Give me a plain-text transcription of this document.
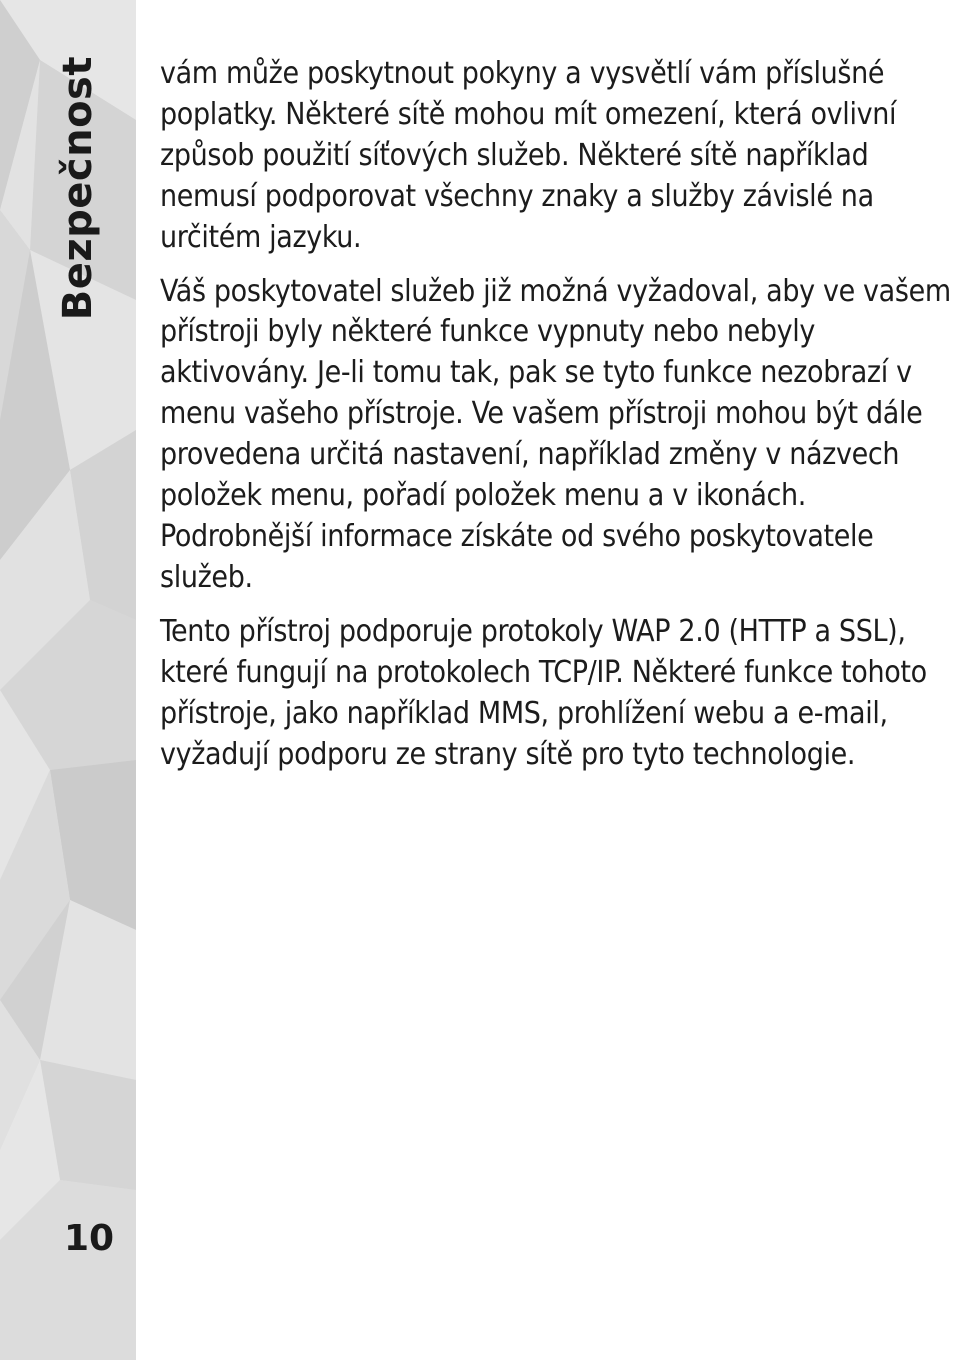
Bezpečnost
10

vám může poskytnout pokyny a vysvětlí vám příslušné poplatky. Některé sítě mohou mít omezení, která ovlivní způsob použití síťových služeb. Některé sítě například nemusí podporovat všechny znaky a služby závislé na určitém jazyku.

Váš poskytovatel služeb již možná vyžadoval, aby ve vašem přístroji byly některé funkce vypnuty nebo nebyly aktivovány. Je-li tomu tak, pak se tyto funkce nezobrazí v menu vašeho přístroje. Ve vašem přístroji mohou být dále provedena určitá nastavení, například změny v názvech položek menu, pořadí položek menu a v ikonách. Podrobnější informace získáte od svého poskytovatele služeb.

Tento přístroj podporuje protokoly WAP 2.0 (HTTP a SSL), které fungují na protokolech TCP/IP. Některé funkce tohoto přístroje, jako například MMS, prohlížení webu a e-mail, vyžadují podporu ze strany sítě pro tyto technologie.
